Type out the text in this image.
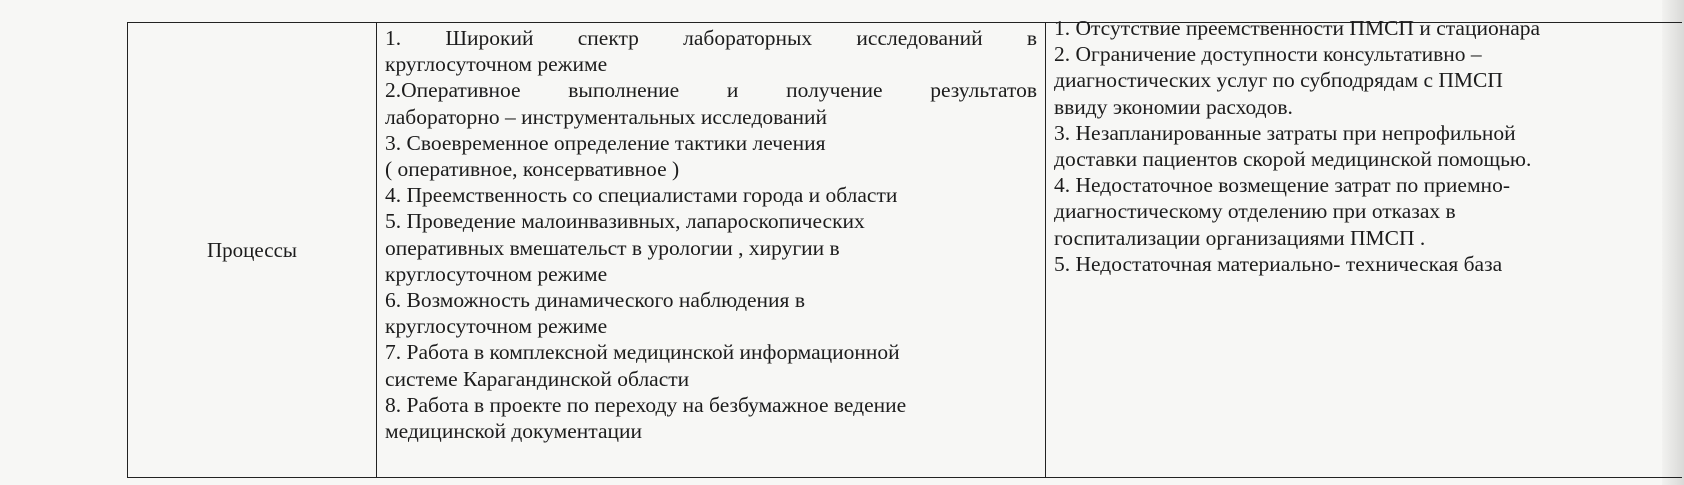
Процессы
1. Широкий спектр лабораторных исследований в
круглосуточном режиме
2.Оперативное выполнение и получение результатов
лабораторно – инструментальных исследований
3. Своевременное определение тактики лечения
( оперативное, консервативное )
4. Преемственность со специалистами города и области
5. Проведение малоинвазивных, лапароскопических
оперативных вмешательст в урологии , хиругии в
круглосуточном режиме
6. Возможность динамического наблюдения в
круглосуточном режиме
7. Работа в комплексной медицинской информационной
системе Карагандинской области
8. Работа в проекте по переходу на безбумажное ведение
медицинской документации
1. Отсутствие преемственности ПМСП и стационара
2. Ограничение доступности консультативно –
диагностических услуг по субподрядам с ПМСП
ввиду экономии расходов.
3. Незапланированные затраты при непрофильной
доставки пациентов скорой медицинской помощью.
4. Недостаточное возмещение затрат по приемно-
диагностическому отделению при отказах в
госпитализации организациями ПМСП .
5. Недостаточная материально- техническая база
